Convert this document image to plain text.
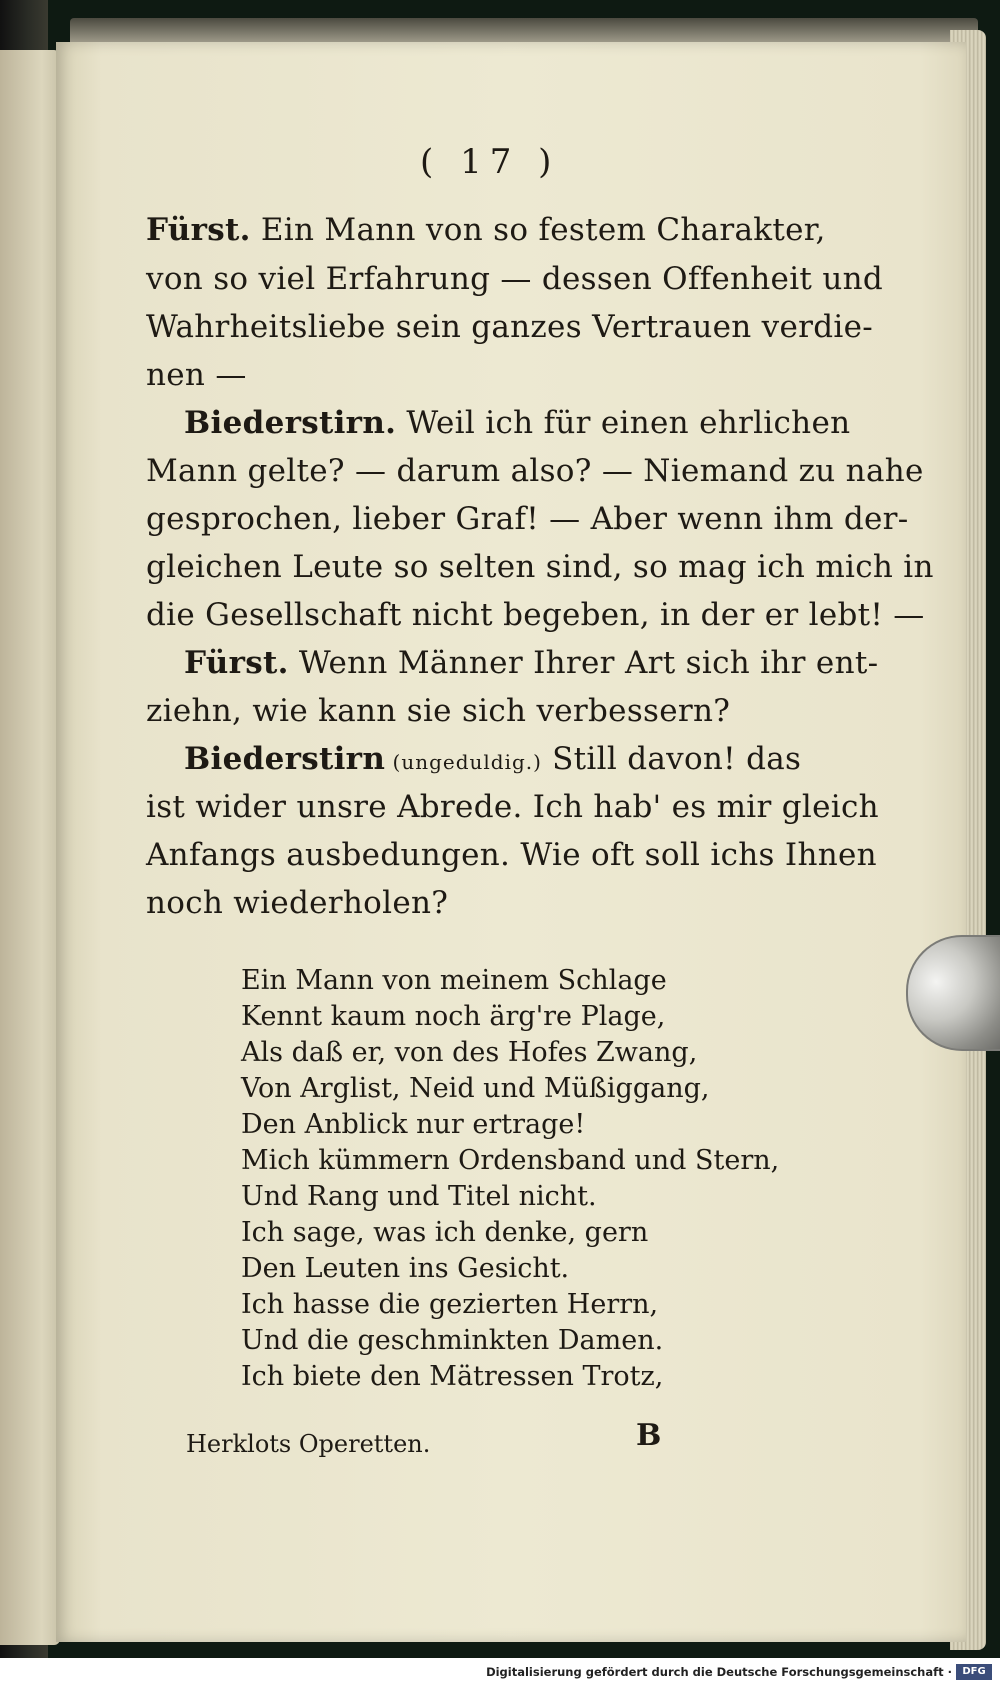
( 17 )
Fürst. Ein Mann von so festem Charakter,
von so viel Erfahrung — dessen Offenheit und
Wahrheitsliebe sein ganzes Vertrauen verdie-
nen —
Biederstirn. Weil ich für einen ehrlichen
Mann gelte? — darum also? — Niemand zu nahe
gesprochen, lieber Graf! — Aber wenn ihm der-
gleichen Leute so selten sind, so mag ich mich in
die Gesellschaft nicht begeben, in der er lebt! —
Fürst. Wenn Männer Ihrer Art sich ihr ent-
ziehn, wie kann sie sich verbessern?
Biederstirn (ungeduldig.) Still davon! das
ist wider unsre Abrede. Ich hab' es mir gleich
Anfangs ausbedungen. Wie oft soll ichs Ihnen
noch wiederholen?
Ein Mann von meinem Schlage
Kennt kaum noch ärg're Plage,
Als daß er, von des Hofes Zwang,
Von Arglist, Neid und Müßiggang,
Den Anblick nur ertrage!
Mich kümmern Ordensband und Stern,
Und Rang und Titel nicht.
Ich sage, was ich denke, gern
Den Leuten ins Gesicht.
Ich hasse die gezierten Herrn,
Und die geschminkten Damen.
Ich biete den Mätressen Trotz,
Herklots Operetten.	B
Digitalisierung gefördert durch die Deutsche Forschungsgemeinschaft ·	DFG
